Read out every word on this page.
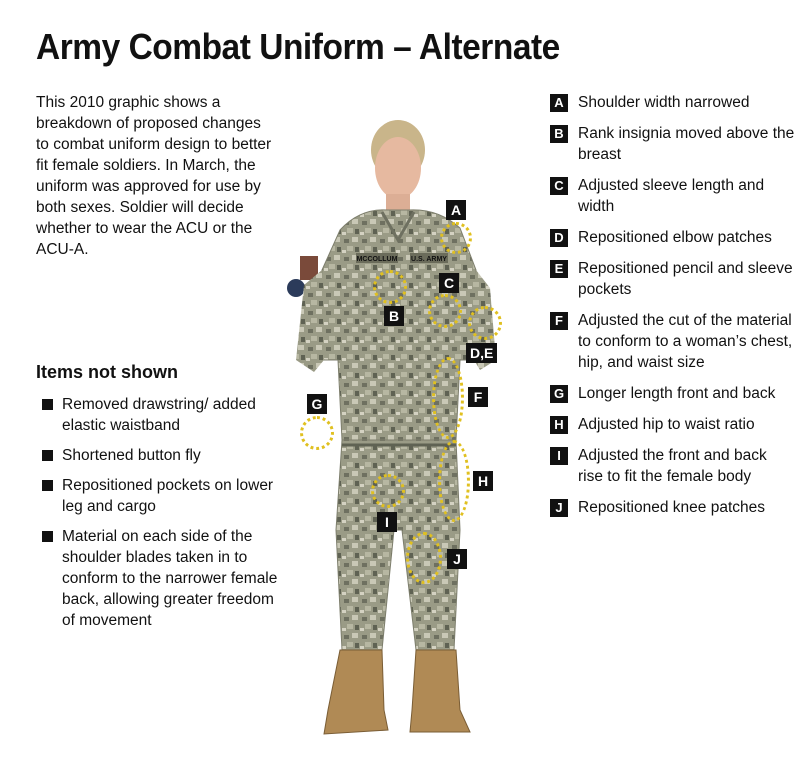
Army Combat Uniform – Alternate

This 2010 graphic shows a breakdown of proposed changes to combat uniform design to better fit female soldiers. In March, the uniform was approved for use by both sexes. Soldier will decide whether to wear the ACU or the ACU-A.

Items not shown
Removed drawstring/ added elastic waistband
Shortened button fly
Repositioned pockets on lower leg and cargo
Material on each side of the shoulder blades taken in to conform to the narrower female back, allowing greater freedom of movement
A Shoulder width narrowed
B Rank insignia moved above the breast
C Adjusted sleeve length and width
D Repositioned elbow patches
E Repositioned pencil and sleeve pockets
F Adjusted the cut of the material to conform to a woman’s chest, hip, and waist size
G Longer length front and back
H Adjusted hip to waist ratio
I	Adjusted the front and back rise to fit the female body
J Repositioned knee patches
MCCOLLUM U.S. ARMY
A
B
C
D,E
F
G
H
I
J
